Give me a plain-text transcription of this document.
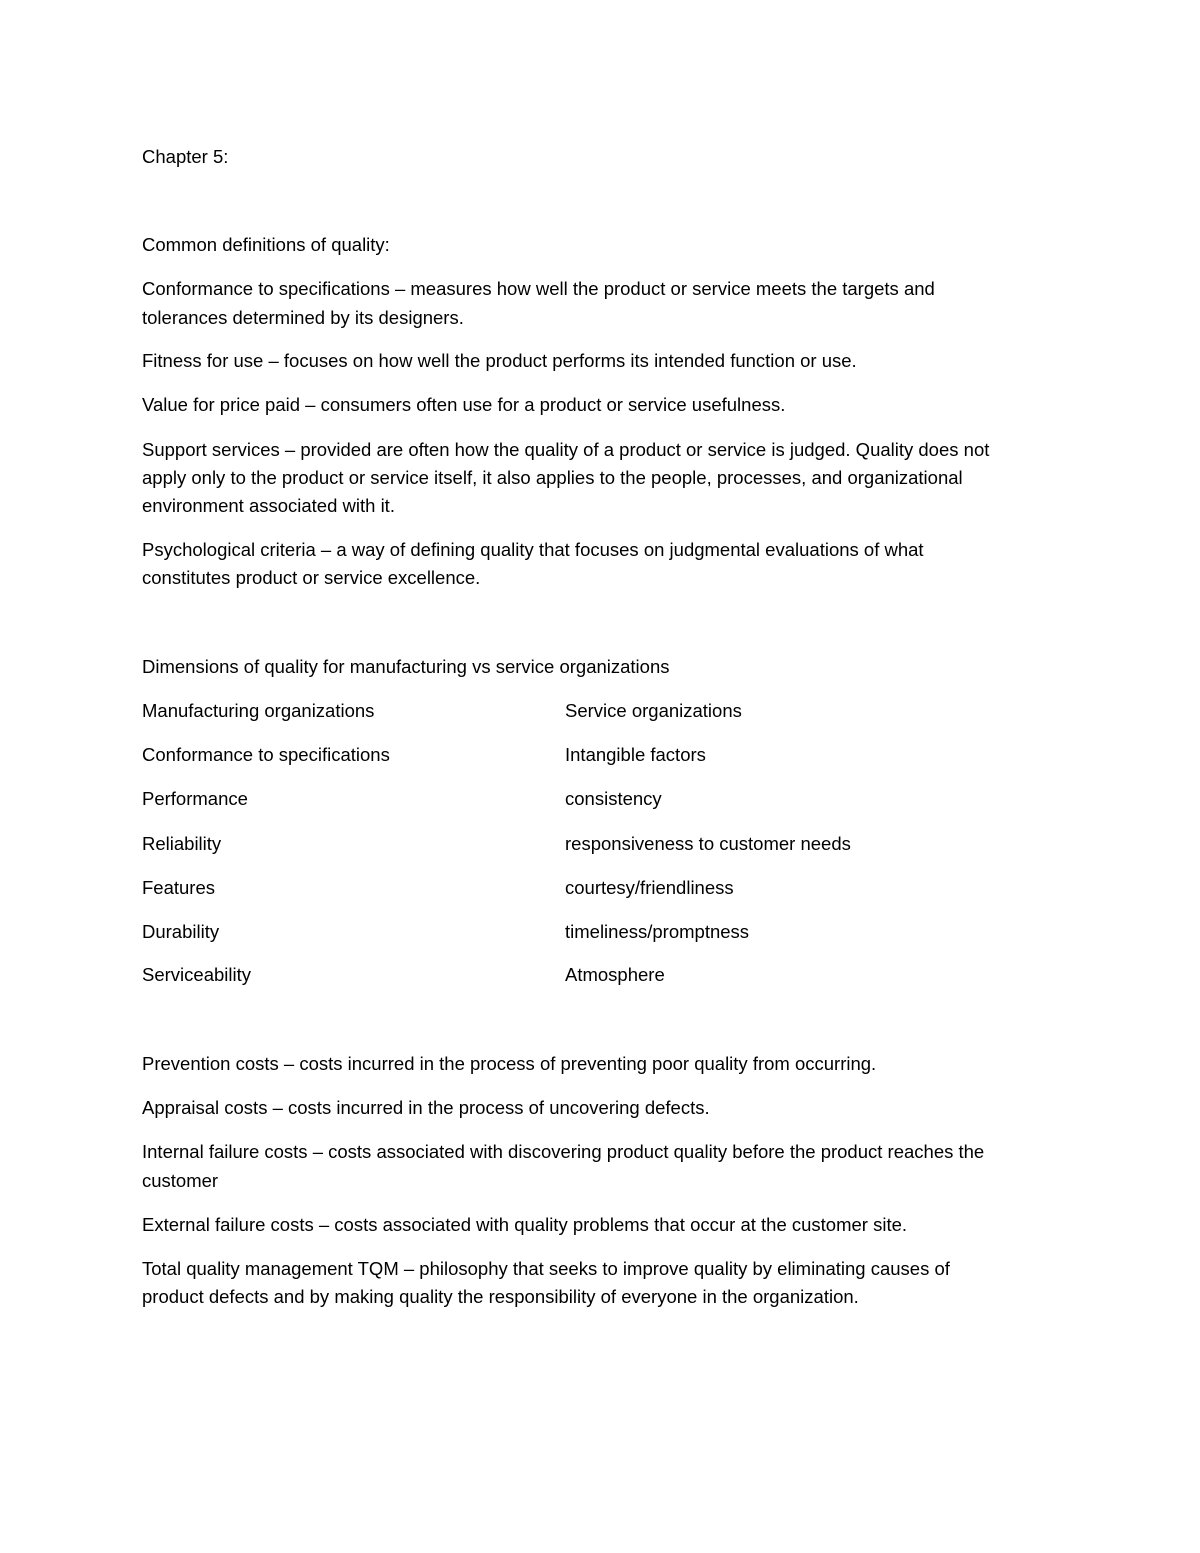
Chapter 5:

Common definitions of quality:

Conformance to specifications – measures how well the product or service meets the targets and

tolerances determined by its designers.

Fitness for use – focuses on how well the product performs its intended function or use.

Value for price paid – consumers often use for a product or service usefulness.

Support services – provided are often how the quality of a product or service is judged. Quality does not

apply only to the product or service itself, it also applies to the people, processes, and organizational

environment associated with it.

Psychological criteria – a way of defining quality that focuses on judgmental evaluations of what

constitutes product or service excellence.

Dimensions of quality for manufacturing vs service organizations

Manufacturing organizations	Service organizations

Conformance to specifications	Intangible factors

Performance	consistency

Reliability	responsiveness to customer needs

Features	courtesy/friendliness

Durability	timeliness/promptness

Serviceability	Atmosphere

Prevention costs – costs incurred in the process of preventing poor quality from occurring.

Appraisal costs – costs incurred in the process of uncovering defects.

Internal failure costs – costs associated with discovering product quality before the product reaches the

customer

External failure costs – costs associated with quality problems that occur at the customer site.

Total quality management TQM – philosophy that seeks to improve quality by eliminating causes of

product defects and by making quality the responsibility of everyone in the organization.
